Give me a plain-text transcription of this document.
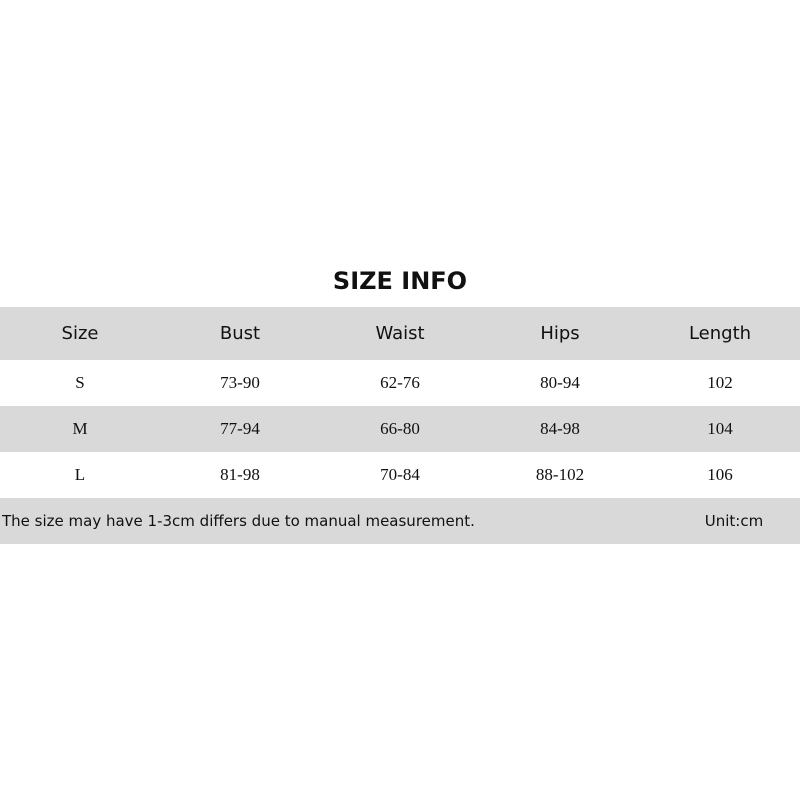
SIZE INFO
Size	Bust	Waist	Hips	Length
S	73-90	62-76	80-94	102
M	77-94	66-80	84-98	104
L	81-98	70-84	88-102	106
The size may have 1-3cm differs due to manual measurement.	Unit:cm
